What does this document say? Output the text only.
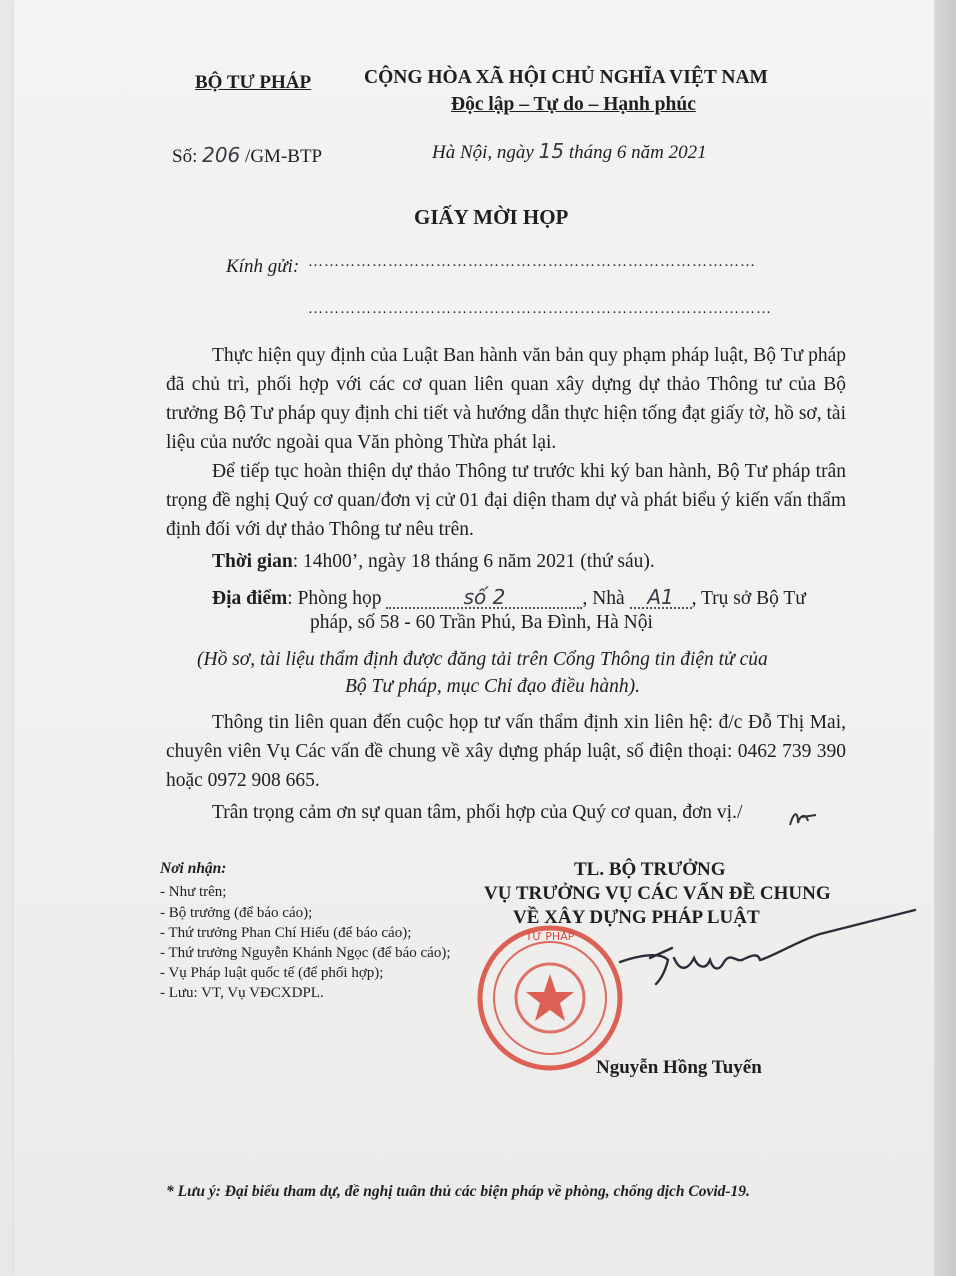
BỘ TƯ PHÁP	CỘNG HÒA XÃ HỘI CHỦ NGHĨA VIỆT NAM
Độc lập – Tự do – Hạnh phúc
Số: 206 /GM-BTP	Hà Nội, ngày 15 tháng 6 năm 2021
GIẤY MỜI HỌP
Kính gửi: …………………………………………………………………………
……………………………………………………………………………
Thực hiện quy định của Luật Ban hành văn bản quy phạm pháp luật, Bộ Tư pháp đã chủ trì, phối hợp với các cơ quan liên quan xây dựng dự thảo Thông tư của Bộ trưởng Bộ Tư pháp quy định chi tiết và hướng dẫn thực hiện tống đạt giấy tờ, hồ sơ, tài liệu của nước ngoài qua Văn phòng Thừa phát lại.
Để tiếp tục hoàn thiện dự thảo Thông tư trước khi ký ban hành, Bộ Tư pháp trân trọng đề nghị Quý cơ quan/đơn vị cử 01 đại diện tham dự và phát biểu ý kiến vấn thẩm định đối với dự thảo Thông tư nêu trên.
Thời gian: 14h00’, ngày 18 tháng 6 năm 2021 (thứ sáu).
Địa điểm: Phòng họp	số 2	, Nhà A1 , Trụ sở Bộ Tư
pháp, số 58 - 60 Trần Phú, Ba Đình, Hà Nội
(Hồ sơ, tài liệu thẩm định được đăng tải trên Cổng Thông tin điện tử của
Bộ Tư pháp, mục Chỉ đạo điều hành).
Thông tin liên quan đến cuộc họp tư vấn thẩm định xin liên hệ: đ/c Đỗ Thị Mai, chuyên viên Vụ Các vấn đề chung về xây dựng pháp luật, số điện thoại: 0462 739 390 hoặc 0972 908 665.
Trân trọng cảm ơn sự quan tâm, phối hợp của Quý cơ quan, đơn vị./
Nơi nhận:
- Như trên;
- Bộ trưởng (để báo cáo);
- Thứ trưởng Phan Chí Hiếu (để báo cáo);
- Thứ trưởng Nguyễn Khánh Ngọc (để báo cáo);
- Vụ Pháp luật quốc tế (để phối hợp);
- Lưu: VT, Vụ VĐCXDPL.
TL. BỘ TRƯỞNG
VỤ TRƯỞNG VỤ CÁC VẤN ĐỀ CHUNG
VỀ XÂY DỰNG PHÁP LUẬT
TƯ PHÁP
Nguyễn Hồng Tuyến
* Lưu ý: Đại biểu tham dự, đề nghị tuân thủ các biện pháp về phòng, chống dịch Covid-19.
